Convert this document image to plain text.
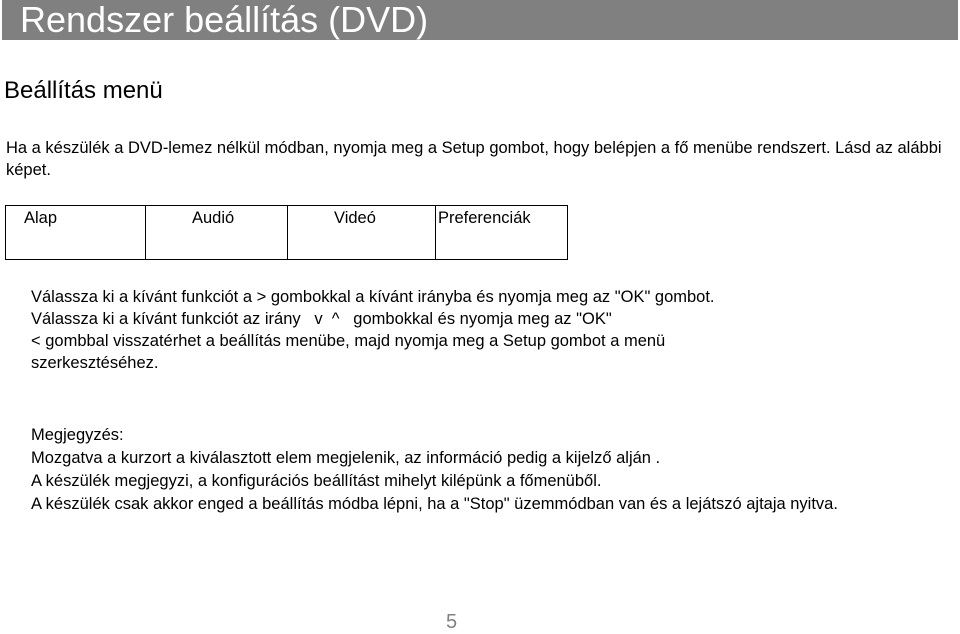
Rendszer beállítás (DVD)
Beállítás menü
Ha a készülék a DVD-lemez nélkül módban, nyomja meg a Setup gombot, hogy belépjen a fő menübe rendszert. Lásd az alábbi képet.
Alap	Audió	Videó	Preferenciák
Válassza ki a kívánt funkciót a > gombokkal a kívánt irányba és nyomja meg az "OK" gombot.
Válassza ki a kívánt funkciót az irány   v  ^   gombokkal és nyomja meg az "OK"
< gombbal visszatérhet a beállítás menübe, majd nyomja meg a Setup gombot a menü
szerkesztéséhez.
Megjegyzés:
Mozgatva a kurzort a kiválasztott elem megjelenik, az információ pedig a kijelző alján .
A készülék megjegyzi, a konfigurációs beállítást mihelyt kilépünk a főmenüből.
A készülék csak akkor enged a beállítás módba lépni, ha a "Stop" üzemmódban van és a lejátszó ajtaja nyitva.
5
